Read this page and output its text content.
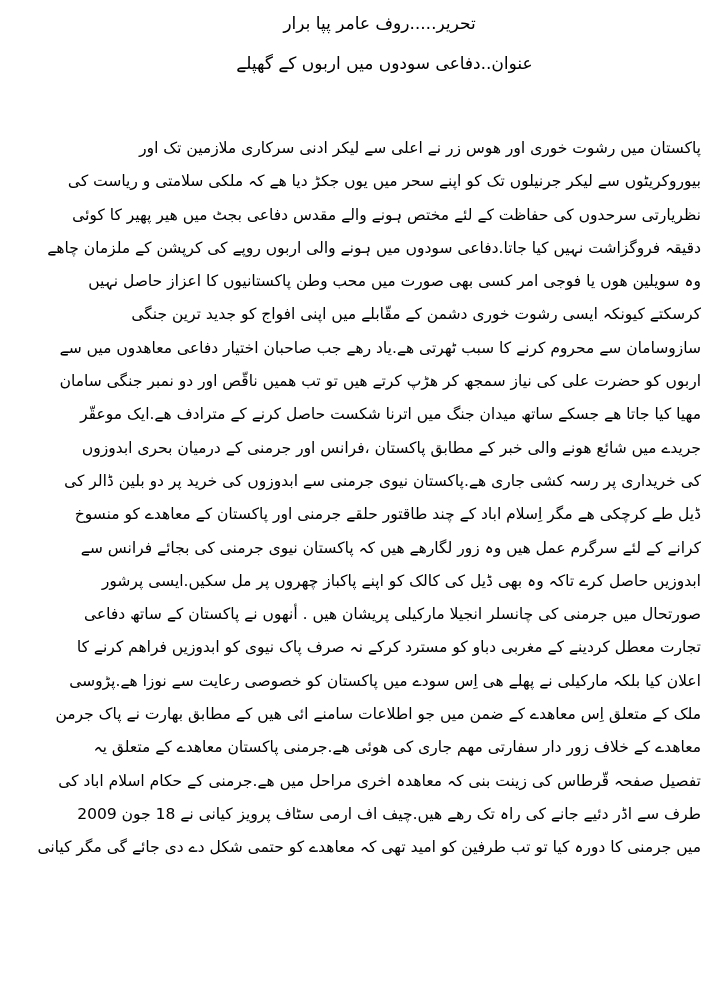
تحریر.....روف عامر پپا برار
عنوان..دفاعی سودوں میں اربوں کے گھپلے
پاکستان میں رشوت خوری اور ھوس زر نے اعلی سے لیکر ادنی سرکاری ملازمین تک اور
بیوروکریٹوں سے لیکر جرنیلوں تک کو اپنے سحر میں یوں جکڑ دیا ھے کہ ملکی سلامتی و ریاست کی
نظریارتی سرحدوں کی حفاظت کے لئے مختص ہونے والے مقدس دفاعی بجٹ میں ھیر پھیر کا کوئی
دقیقہ فروگزاشت نہیں کیا جاتا.دفاعی سودوں میں ہونے والی اربوں روپے کی کرپشن کے ملزمان چاھے
وہ سویلین ھوں یا فوجی امر کسی بھی صورت میں محب وطن پاکستانیوں کا اعزاز حاصل نہیں
کرسکتے کیونکہ ایسی رشوت خوری دشمن کے مقّابلے میں اپنی افواج کو جدید ترین جنگی
سازوسامان سے محروم کرنے کا سبب ٹھرتی ھے.یاد رھے جب صاحبان اختیار دفاعی معاھدوں میں سے
اربوں کو حضرت علی کی نیاز سمجھ کر ھڑپ کرتے ھیں تو تب ھمیں ناقّص اور دو نمبر جنگی سامان
مھیا کیا جاتا ھے جسکے ساتھ میدان جنگ میں اترنا شکست حاصل کرنے کے مترادف ھے.ایک موعقّر
جریدے میں شائع ھونے والی خبر کے مطابق پاکستان ،فرانس اور جرمنی کے درمیان بحری ابدوزوں
کی خریداری پر رسہ کشی جاری ھے.پاکستان نیوی جرمنی سے ابدوزوں کی خرید پر دو بلین ڈالر کی
ڈیل طے کرچکی ھے مگر اِسلام اباد کے چند طاقتور حلقے جرمنی اور پاکستان کے معاھدے کو منسوخ
کرانے کے لئے سرگرم عمل ھیں وہ زور لگارھے ھیں کہ پاکستان نیوی جرمنی کی بجائے فرانس سے
ابدوزیں حاصل کرے تاکہ وہ بھی ڈیل کی کالک کو اپنے پاکباز چھروں پر مل سکیں.ایسی پرشور
صورتحال میں جرمنی کی چانسلر انجیلا مارکیلی پریشان ھیں . أنھوں نے پاکستان کے ساتھ دفاعی
تجارت معطل کردینے کے مغربی دباو کو مسترد کرکے نہ صرف پاک نیوی کو ابدوزیں فراھم کرنے کا
اعلان کیا بلکہ مارکیلی نے پھلے ھی اِس سودے میں پاکستان کو خصوصی رعایت سے نوزا ھے.پڑوسی
ملک کے متعلق اِس معاھدے کے ضمن میں جو اطلاعات سامنے ائی ھیں کے مطابق بھارت نے پاک جرمن
معاھدے کے خلاف زور دار سفارتی مھم جاری کی ھوئی ھے.جرمنی پاکستان معاھدے کے متعلق یہ
تفصیل صفحہ قّرطاس کی زینت بنی کہ معاھدہ اخری مراحل میں ھے.جرمنی کے حکام اسلام اباد کی
طرف سے اڈر دئیے جانے کی راہ تک رھے ھیں.چیف اف ارمی سٹاف پرویز کیانی نے 18 جون 2009
میں جرمنی کا دورہ کیا تو تب طرفین کو امید تھی کہ معاھدے کو حتمی شکل دے دی جائے گی مگر کیانی
